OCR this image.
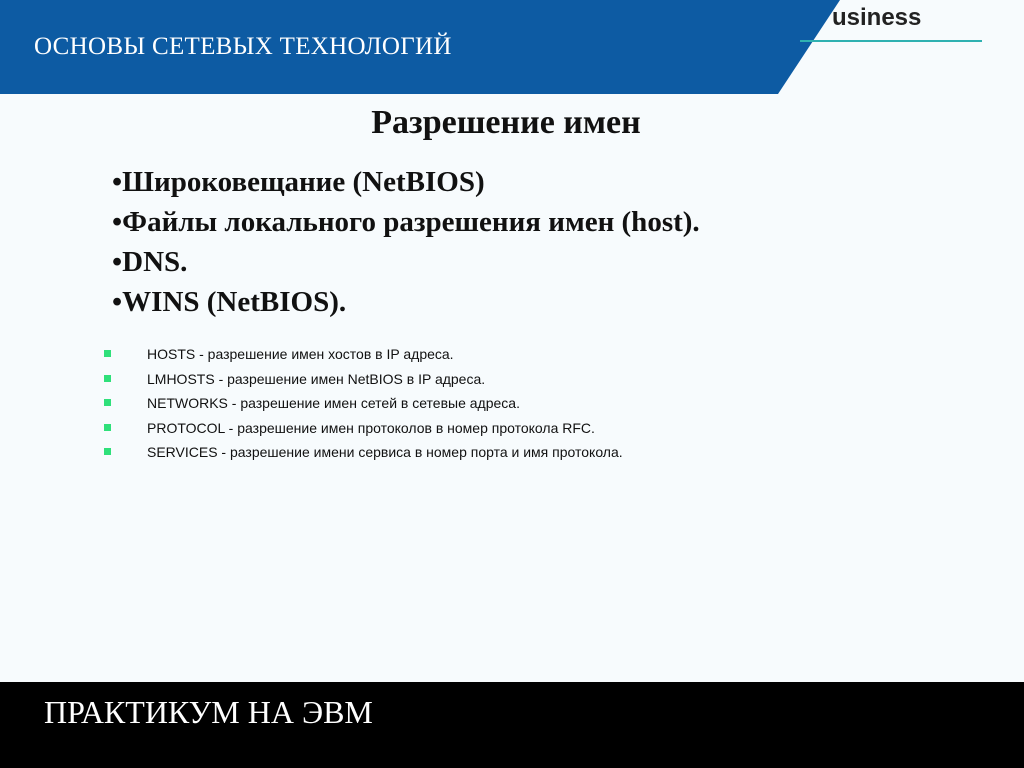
ОСНОВЫ СЕТЕВЫХ ТЕХНОЛОГИЙ
usiness
Разрешение имен
•Широковещание (NetBIOS)
•Файлы локального разрешения имен (host).
•DNS.
•WINS (NetBIOS).
HOSTS - разрешение имен хостов в IP адреса.
LMHOSTS - разрешение имен NetBIOS в IP адреса.
NETWORKS - разрешение имен сетей в сетевые адреса.
PROTOCOL - разрешение имен протоколов в номер протокола RFC.
SERVICES - разрешение имени сервиса в номер порта и имя протокола.
ПРАКТИКУМ НА ЭВМ
